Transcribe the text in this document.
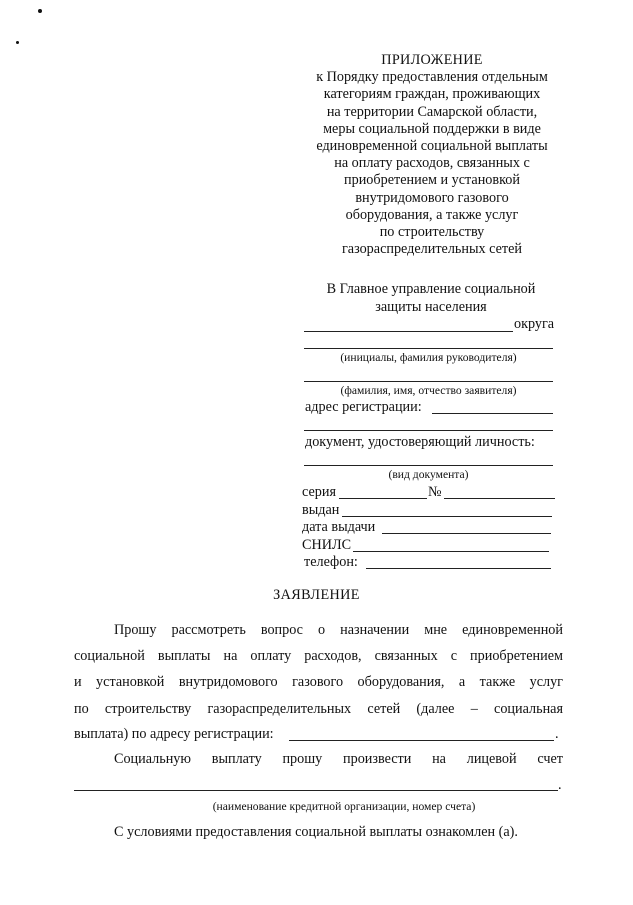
ПРИЛОЖЕНИЕ
к Порядку предоставления отдельным
категориям граждан, проживающих
на территории Самарской области,
меры социальной поддержки в виде
единовременной социальной выплаты
на оплату расходов, связанных с
приобретением и установкой
внутридомового газового
оборудования, а также услуг
по строительству
газораспределительных сетей
В Главное управление социальной
защиты населения
округа
(инициалы, фамилия руководителя)
(фамилия, имя, отчество заявителя)
адрес регистрации:
документ, удостоверяющий личность:
(вид документа)
серия	№
выдан
дата выдачи
СНИЛС
телефон:
ЗАЯВЛЕНИЕ
Прошу рассмотреть вопрос о назначении мне единовременной
социальной выплаты на оплату расходов, связанных с приобретением
и установкой внутридомового газового оборудования, а также услуг
по строительству газораспределительных сетей (далее – социальная
выплата) по адресу регистрации:	.
Социальную выплату прошу произвести на лицевой счет
.
(наименование кредитной организации, номер счета)
С условиями предоставления социальной выплаты ознакомлен (а).
